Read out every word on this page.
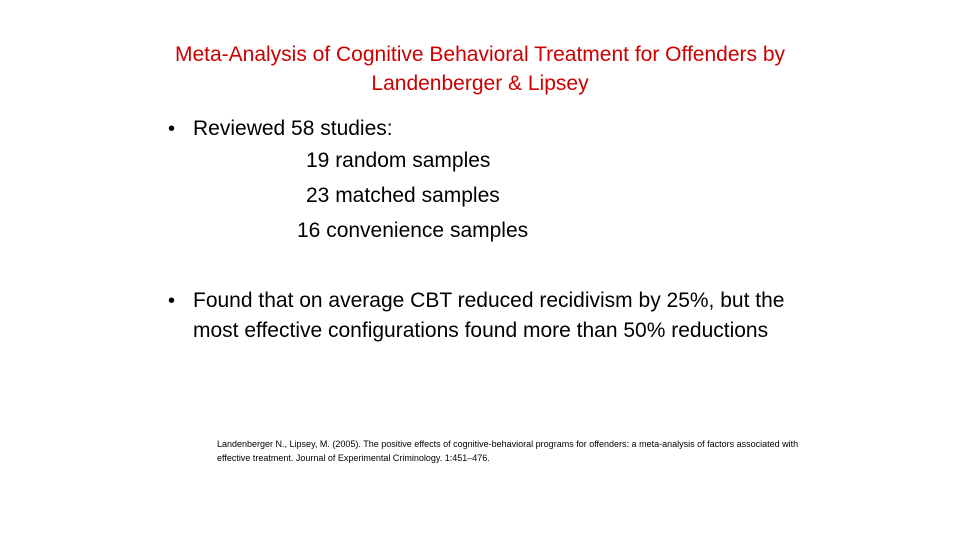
Meta-Analysis of Cognitive Behavioral Treatment for Offenders by
Landenberger & Lipsey
• Reviewed 58 studies:
19 random samples
23 matched samples
16 convenience samples
• Found that on average CBT reduced recidivism by 25%, but the most effective configurations found more than 50% reductions
Landenberger N., Lipsey, M. (2005). The positive effects of cognitive-behavioral programs for offenders: a meta-analysis of factors associated with effective treatment. Journal of Experimental Criminology. 1:451–476.
